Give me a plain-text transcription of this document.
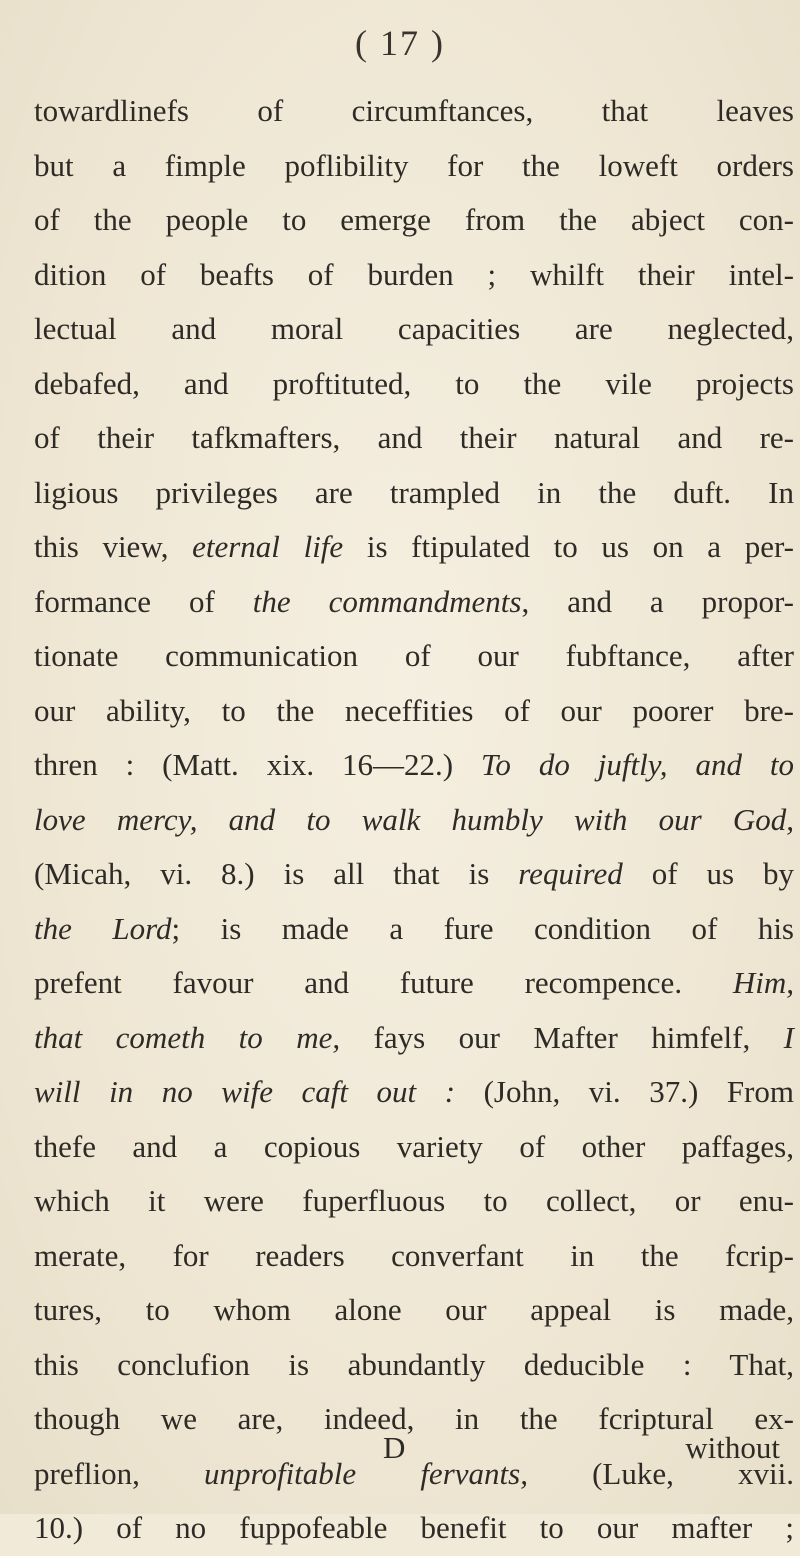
( 17 )
towardlinefs of circumftances, that leaves
but a fimple poflibility for the loweft orders
of the people to emerge from the abject con-
dition of beafts of burden ; whilft their intel-
lectual and moral capacities are neglected,
debafed, and proftituted, to the vile projects
of their tafkmafters, and their natural and re-
ligious privileges are trampled in the duft. In
this view, eternal life is ftipulated to us on a per-
formance of the commandments, and a propor-
tionate communication of our fubftance, after
our ability, to the neceffities of our poorer bre-
thren : (Matt. xix. 16—22.) To do juftly, and to
love mercy, and to walk humbly with our God,
(Micah, vi. 8.) is all that is required of us by
the Lord; is made a fure condition of his
prefent favour and future recompence. Him,
that cometh to me, fays our Mafter himfelf, I
will in no wife caft out : (John, vi. 37.) From
thefe and a copious variety of other paffages,
which it were fuperfluous to collect, or enu-
merate, for readers converfant in the fcrip-
tures, to whom alone our appeal is made,
this conclufion is abundantly deducible : That,
though we are, indeed, in the fcriptural ex-
preflion, unprofitable fervants, (Luke, xvii.
10.) of no fuppofeable benefit to our mafter ;
D	without
